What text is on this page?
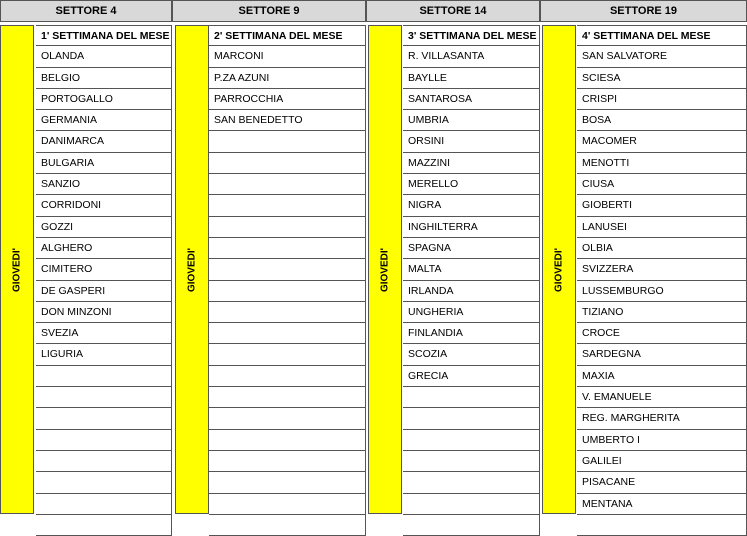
SETTORE 4
GIOVEDI'
1' SETTIMANA DEL MESE
OLANDA
BELGIO
PORTOGALLO
GERMANIA
DANIMARCA
BULGARIA
SANZIO
CORRIDONI
GOZZI
ALGHERO
CIMITERO
DE GASPERI
DON MINZONI
SVEZIA
LIGURIA
SETTORE 9
GIOVEDI'
2' SETTIMANA DEL MESE
MARCONI
P.ZA AZUNI
PARROCCHIA
SAN BENEDETTO
SETTORE 14
GIOVEDI'
3' SETTIMANA DEL MESE
R. VILLASANTA
BAYLLE
SANTAROSA
UMBRIA
ORSINI
MAZZINI
MERELLO
NIGRA
INGHILTERRA
SPAGNA
MALTA
IRLANDA
UNGHERIA
FINLANDIA
SCOZIA
GRECIA
SETTORE 19
GIOVEDI'
4' SETTIMANA DEL MESE
SAN SALVATORE
SCIESA
CRISPI
BOSA
MACOMER
MENOTTI
CIUSA
GIOBERTI
LANUSEI
OLBIA
SVIZZERA
LUSSEMBURGO
TIZIANO
CROCE
SARDEGNA
MAXIA
V. EMANUELE
REG. MARGHERITA
UMBERTO I
GALILEI
PISACANE
MENTANA
